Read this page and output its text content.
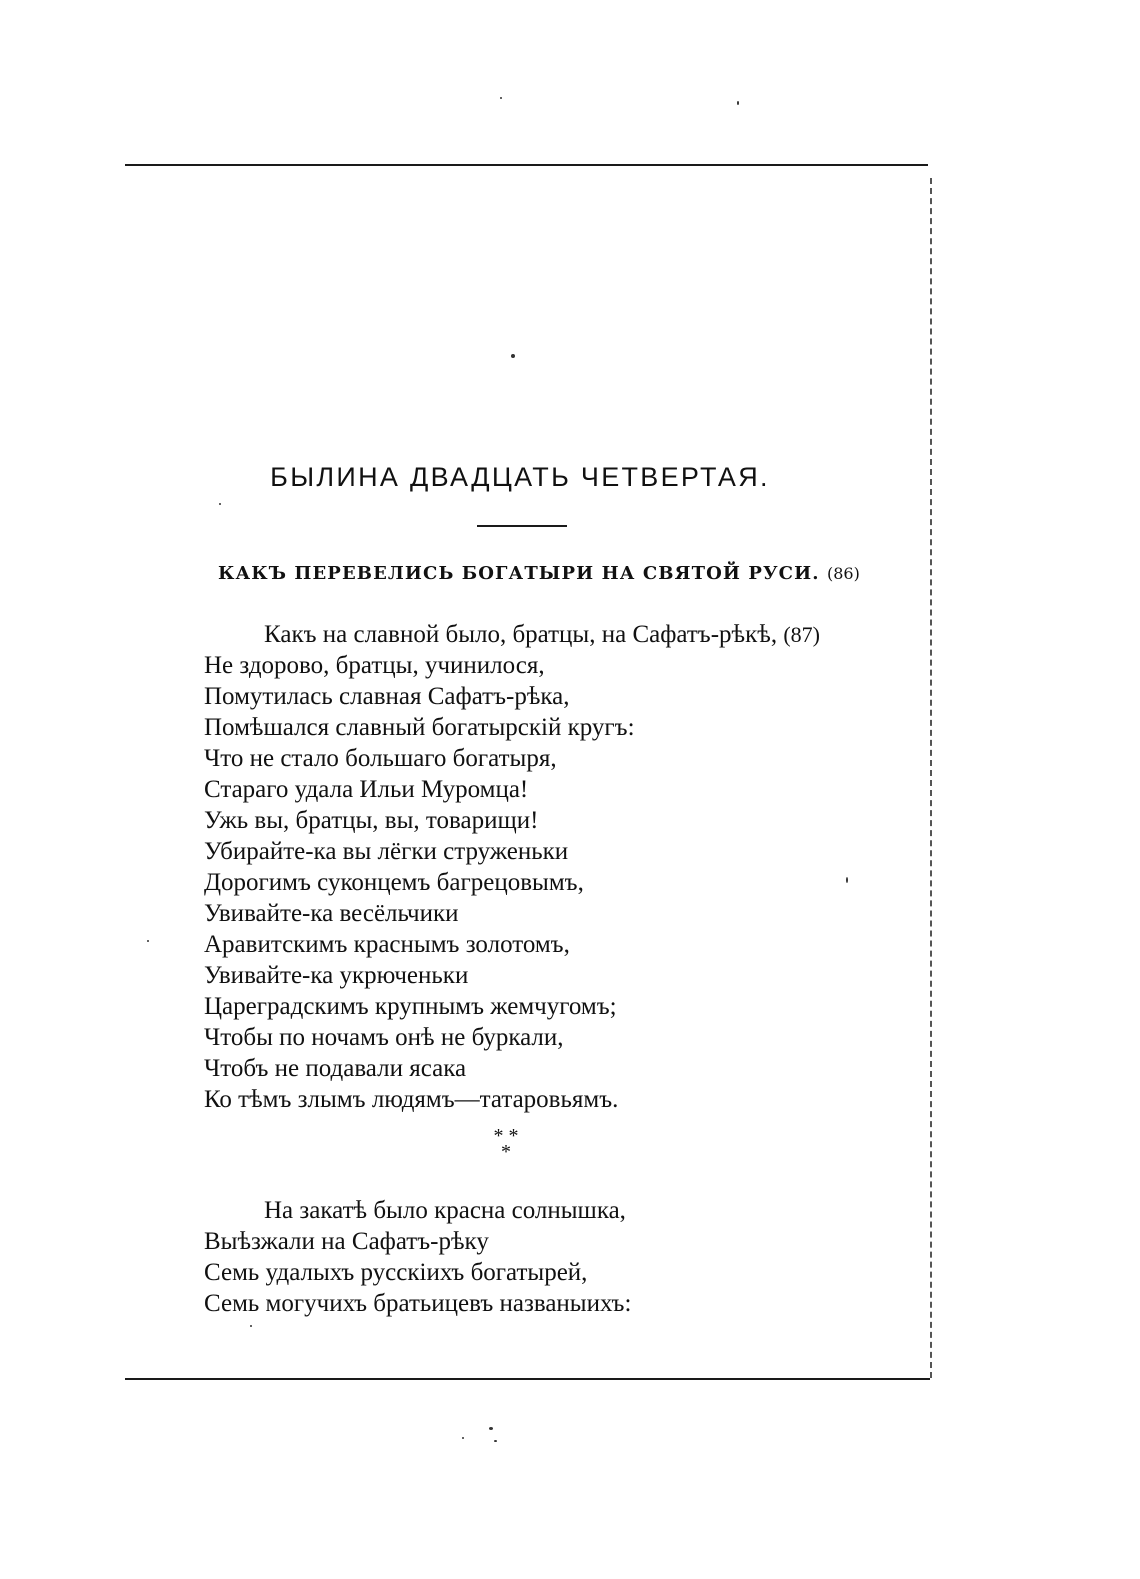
БЫЛИНА ДВАДЦАТЬ ЧЕТВЕРТАЯ.
КАКЪ ПЕРЕВЕЛИСЬ БОГАТЫРИ НА СВЯТОЙ РУСИ. (86)
Какъ на славной было, братцы, на Сафатъ-рѣкѣ, (87)
Не здорово, братцы, учинилося,
Помутилась славная Сафатъ-рѣка,
Помѣшался славный богатырскій кругъ:
Что не стало большаго богатыря,
Стараго удала Ильи Муромца!
Ужь вы, братцы, вы, товарищи!
Убирайте-ка вы лёгки струженьки
Дорогимъ суконцемъ багрецовымъ,
Увивайте-ка весёльчики
Аравитскимъ краснымъ золотомъ,
Увивайте-ка укрюченьки
Цареградскимъ крупнымъ жемчугомъ;
Чтобы по ночамъ онѣ не буркали,
Чтобъ не подавали ясака
Ко тѣмъ злымъ людямъ—татаровьямъ.
* *
*
На закатѣ было красна солнышка,
Выѣзжали на Сафатъ-рѣку
Семь удалыхъ русскіихъ богатырей,
Семь могучихъ братьицевъ названыихъ:
